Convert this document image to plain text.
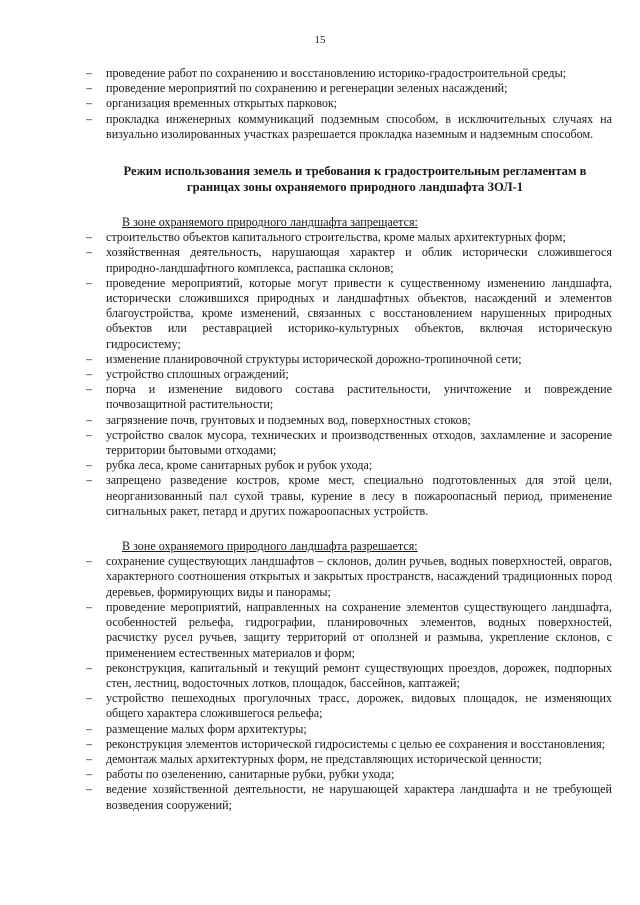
15
– проведение работ по сохранению и восстановлению историко-градостроительной среды;
– проведение мероприятий по сохранению и регенерации зеленых насаждений;
– организация временных открытых парковок;
– прокладка инженерных коммуникаций подземным способом, в исключительных случаях на визуально изолированных участках разрешается прокладка наземным и надземным способом.
Режим использования земель и требования к градостроительным регламентам в
границах зоны охраняемого природного ландшафта ЗОЛ-1
В зоне охраняемого природного ландшафта запрещается:
– строительство объектов капитального строительства, кроме малых архитектурных форм;
– хозяйственная деятельность, нарушающая характер и облик исторически сложившегося природно-ландшафтного комплекса, распашка склонов;
– проведение мероприятий, которые могут привести к существенному изменению ландшафта, исторически сложившихся природных и ландшафтных объектов, насаждений и элементов благоустройства, кроме изменений, связанных с восстановлением нарушенных природных объектов или реставрацией историко-культурных объектов, включая историческую гидросистему;
– изменение планировочной структуры исторической дорожно-тропиночной сети;
– устройство сплошных ограждений;
– порча и изменение видового состава растительности, уничтожение и повреждение почвозащитной растительности;
– загрязнение почв, грунтовых и подземных вод, поверхностных стоков;
– устройство свалок мусора, технических и производственных отходов, захламление и засорение территории бытовыми отходами;
– рубка леса, кроме санитарных рубок и рубок ухода;
– запрещено разведение костров, кроме мест, специально подготовленных для этой цели, неорганизованный пал сухой травы, курение в лесу в пожароопасный период, применение сигнальных ракет, петард и других пожароопасных устройств.
В зоне охраняемого природного ландшафта разрешается:
– сохранение существующих ландшафтов – склонов, долин ручьев, водных поверхностей, оврагов, характерного соотношения открытых и закрытых пространств, насаждений традиционных пород деревьев, формирующих виды и панорамы;
– проведение мероприятий, направленных на сохранение элементов существующего ландшафта, особенностей рельефа, гидрографии, планировочных элементов, водных поверхностей, расчистку русел ручьев, защиту территорий от оползней и размыва, укрепление склонов, с применением естественных материалов и форм;
– реконструкция, капитальный и текущий ремонт существующих проездов, дорожек, подпорных стен, лестниц, водосточных лотков, площадок, бассейнов, каптажей;
– устройство пешеходных прогулочных трасс, дорожек, видовых площадок, не изменяющих общего характера сложившегося рельефа;
– размещение малых форм архитектуры;
– реконструкция элементов исторической гидросистемы с целью ее сохранения и восстановления;
– демонтаж малых архитектурных форм, не представляющих исторической ценности;
– работы по озеленению, санитарные рубки, рубки ухода;
– ведение хозяйственной деятельности, не нарушающей характера ландшафта и не требующей возведения сооружений;
